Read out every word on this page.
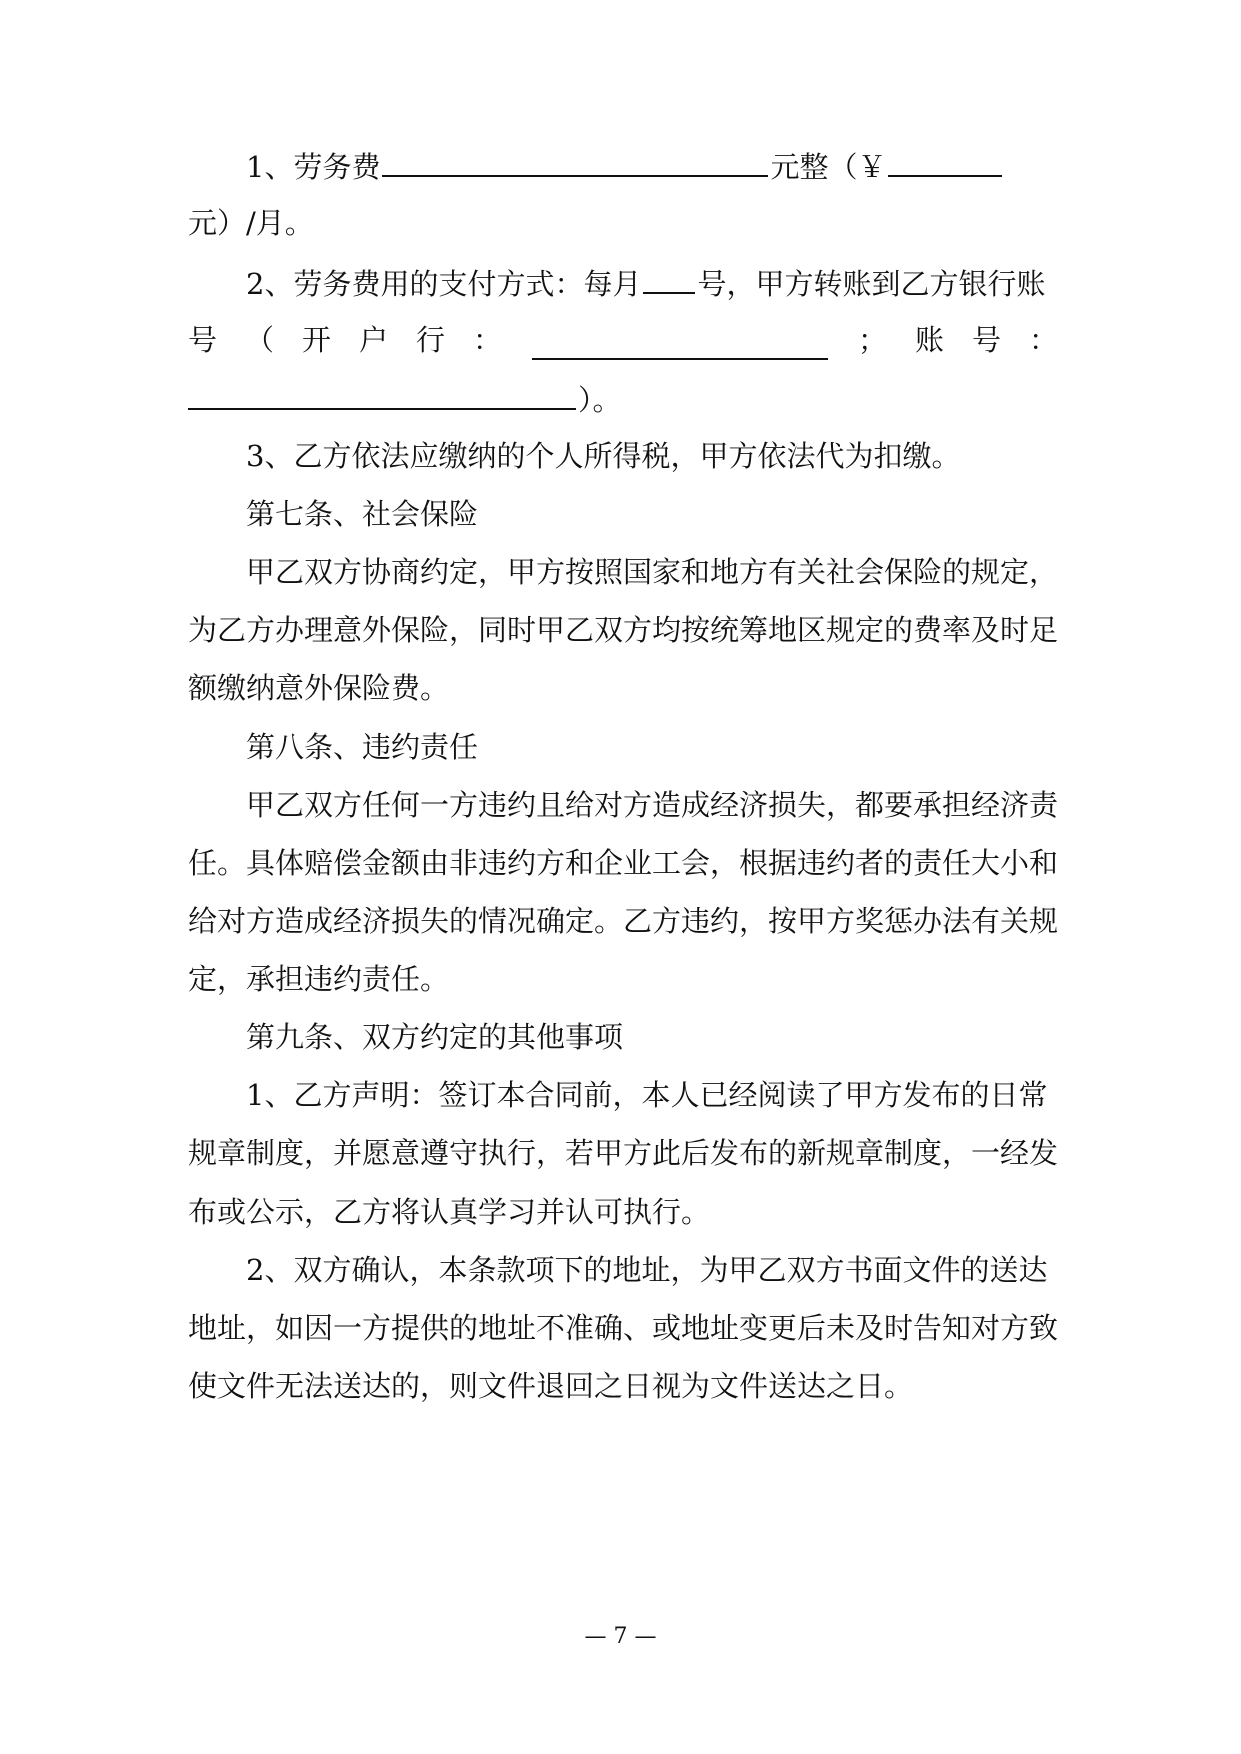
1、劳务费	元整（￥
元）/月。
2、劳务费用的支付方式：每月 号，甲方转账到乙方银行账
号 （ 开 户 行 ：	； 账 号 ：
）。
3、乙方依法应缴纳的个人所得税，甲方依法代为扣缴。
第七条、社会保险
甲乙双方协商约定，甲方按照国家和地方有关社会保险的规定，
为乙方办理意外保险，同时甲乙双方均按统筹地区规定的费率及时足
额缴纳意外保险费。
第八条、违约责任
甲乙双方任何一方违约且给对方造成经济损失，都要承担经济责
任。具体赔偿金额由非违约方和企业工会，根据违约者的责任大小和
给对方造成经济损失的情况确定。乙方违约，按甲方奖惩办法有关规
定，承担违约责任。
第九条、双方约定的其他事项
1、乙方声明：签订本合同前，本人已经阅读了甲方发布的日常
规章制度，并愿意遵守执行，若甲方此后发布的新规章制度，一经发
布或公示，乙方将认真学习并认可执行。
2、双方确认，本条款项下的地址，为甲乙双方书面文件的送达
地址，如因一方提供的地址不准确、或地址变更后未及时告知对方致
使文件无法送达的，则文件退回之日视为文件送达之日。
— 7 —
